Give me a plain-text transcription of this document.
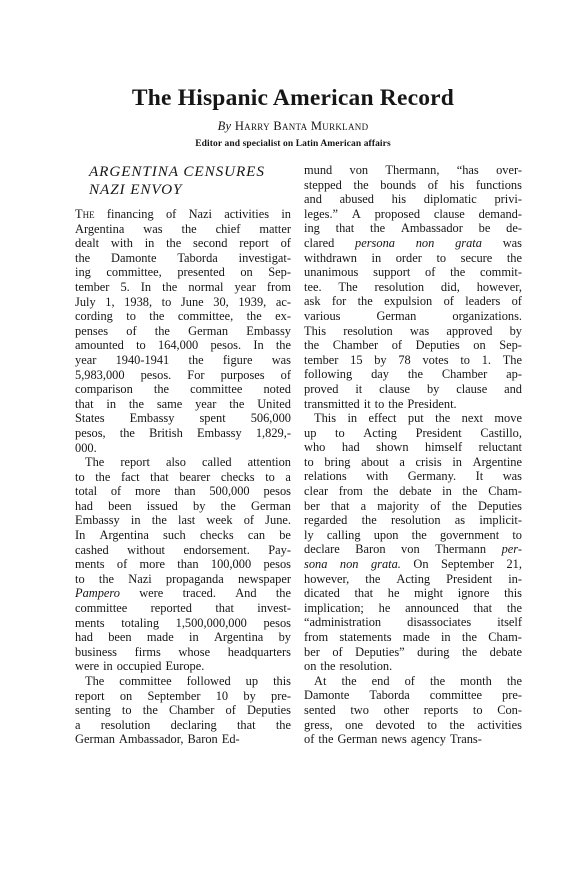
The Hispanic American Record
By Harry Banta Murkland
Editor and specialist on Latin American affairs
ARGENTINA CENSURES
NAZI ENVOY
The financing of Nazi activities in
Argentina was the chief matter
dealt with in the second report of
the Damonte Taborda investigat-
ing committee, presented on Sep-
tember 5. In the normal year from
July 1, 1938, to June 30, 1939, ac-
cording to the committee, the ex-
penses of the German Embassy
amounted to 164,000 pesos. In the
year 1940-1941 the figure was
5,983,000 pesos. For purposes of
comparison the committee noted
that in the same year the United
States Embassy spent 506,000
pesos, the British Embassy 1,829,-
000.
The report also called attention
to the fact that bearer checks to a
total of more than 500,000 pesos
had been issued by the German
Embassy in the last week of June.
In Argentina such checks can be
cashed without endorsement. Pay-
ments of more than 100,000 pesos
to the Nazi propaganda newspaper
Pampero were traced. And the
committee reported that invest-
ments totaling 1,500,000,000 pesos
had been made in Argentina by
business firms whose headquarters
were in occupied Europe.
The committee followed up this
report on September 10 by pre-
senting to the Chamber of Deputies
a resolution declaring that the
German Ambassador, Baron Ed-
mund von Thermann, “has over-
stepped the bounds of his functions
and abused his diplomatic privi-
leges.” A proposed clause demand-
ing that the Ambassador be de-
clared persona non grata was
withdrawn in order to secure the
unanimous support of the commit-
tee. The resolution did, however,
ask for the expulsion of leaders of
various	German	organizations.
This resolution was approved by
the Chamber of Deputies on Sep-
tember 15 by 78 votes to 1. The
following day the Chamber ap-
proved it clause by clause and
transmitted it to the President.
This in effect put the next move
up to Acting President Castillo,
who had shown himself reluctant
to bring about a crisis in Argentine
relations with Germany. It was
clear from the debate in the Cham-
ber that a majority of the Deputies
regarded the resolution as implicit-
ly calling upon the government to
declare Baron von Thermann per-
sona non grata. On September 21,
however, the Acting President in-
dicated that he might ignore this
implication; he announced that the
“administration disassociates itself
from statements made in the Cham-
ber of Deputies” during the debate
on the resolution.
At the end of the month the
Damonte Taborda committee pre-
sented two other reports to Con-
gress, one devoted to the activities
of the German news agency Trans-
